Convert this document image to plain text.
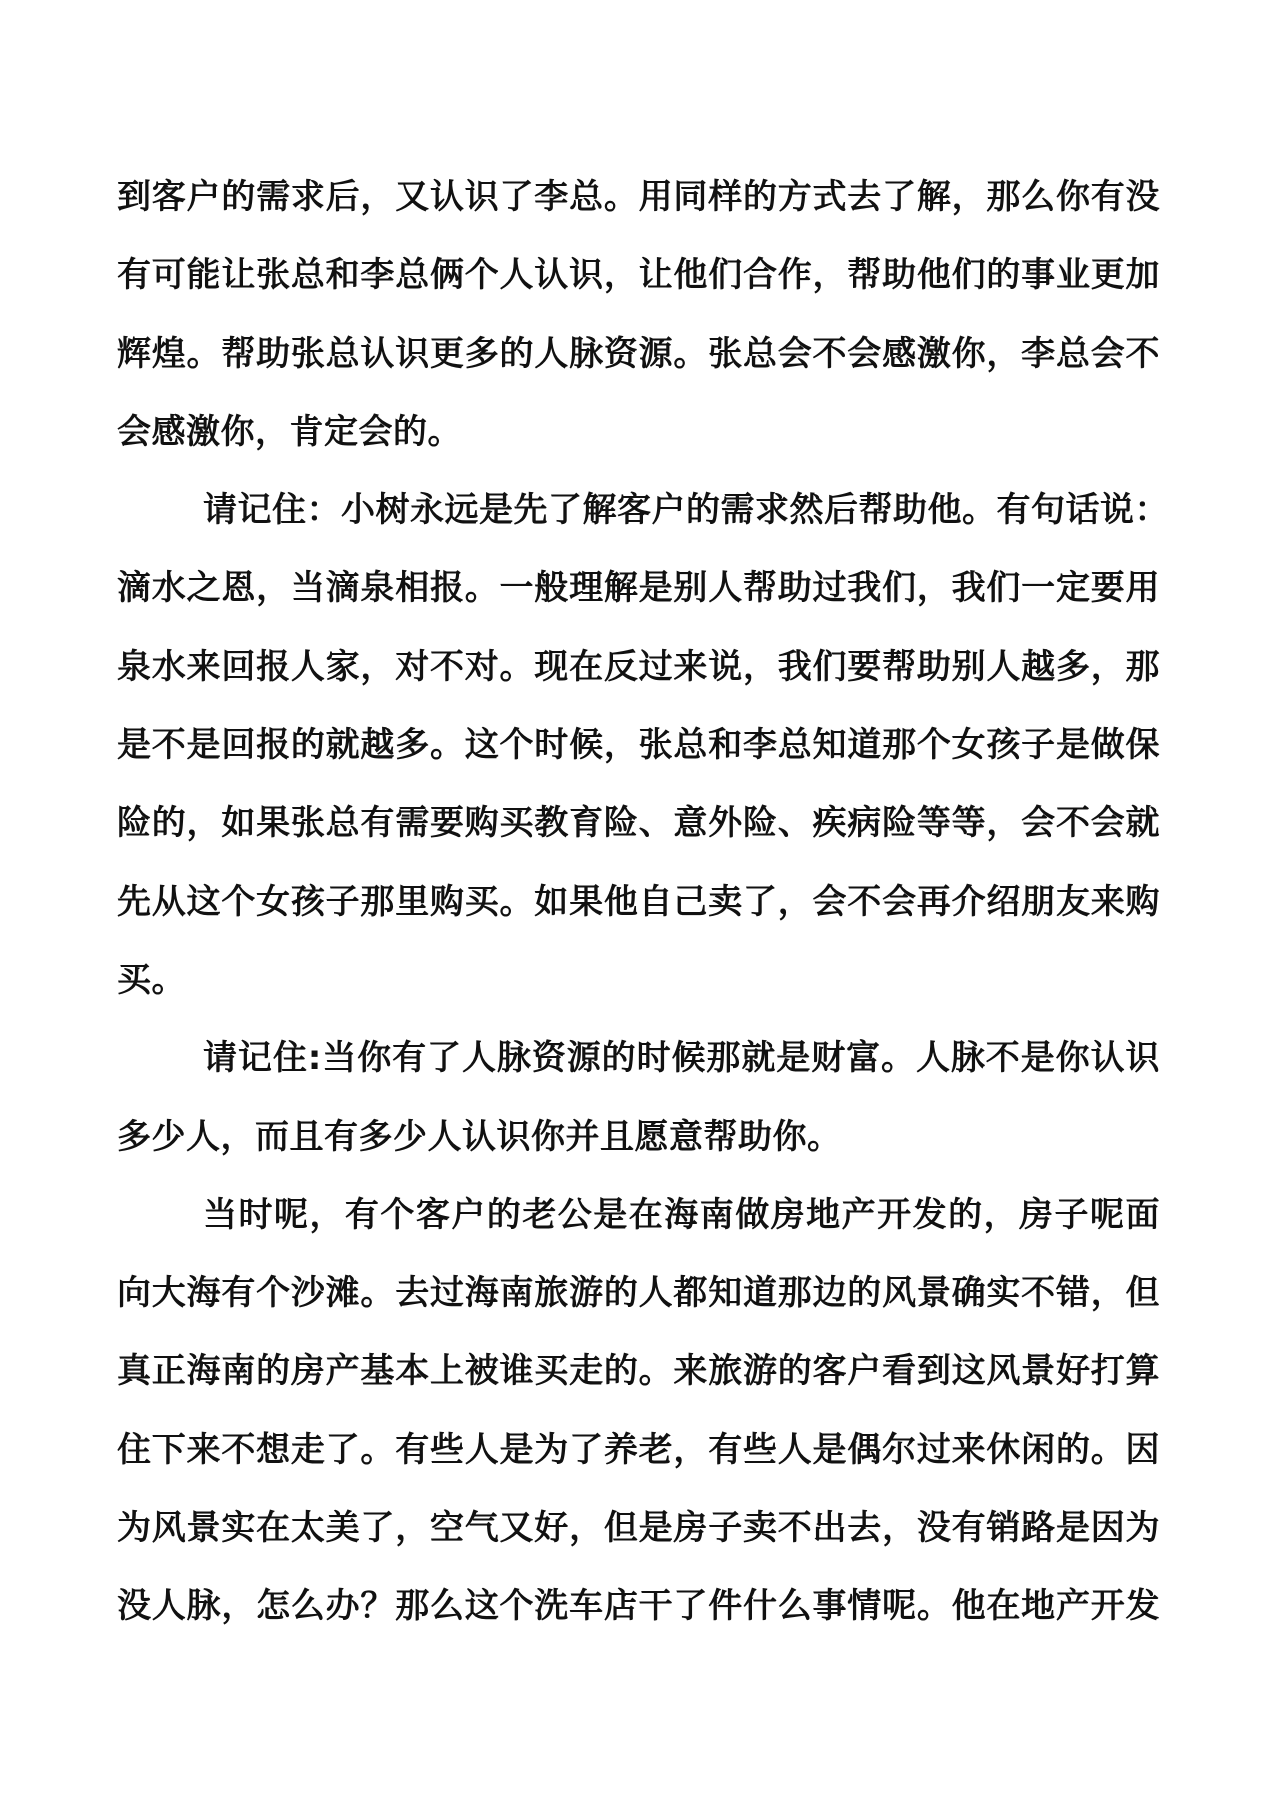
到客户的需求后，又认识了李总。用同样的方式去了解，那么你有没
有可能让张总和李总俩个人认识，让他们合作，帮助他们的事业更加
辉煌。帮助张总认识更多的人脉资源。张总会不会感激你，李总会不
会感激你，肯定会的。
请记住：小树永远是先了解客户的需求然后帮助他。有句话说：
滴水之恩，当滴泉相报。一般理解是别人帮助过我们，我们一定要用
泉水来回报人家，对不对。现在反过来说，我们要帮助别人越多，那
是不是回报的就越多。这个时候，张总和李总知道那个女孩子是做保
险的，如果张总有需要购买教育险、意外险、疾病险等等，会不会就
先从这个女孩子那里购买。如果他自己卖了，会不会再介绍朋友来购
买。
请记住:当你有了人脉资源的时候那就是财富。人脉不是你认识
多少人，而且有多少人认识你并且愿意帮助你。
当时呢，有个客户的老公是在海南做房地产开发的，房子呢面
向大海有个沙滩。去过海南旅游的人都知道那边的风景确实不错，但
真正海南的房产基本上被谁买走的。来旅游的客户看到这风景好打算
住下来不想走了。有些人是为了养老，有些人是偶尔过来休闲的。因
为风景实在太美了，空气又好，但是房子卖不出去，没有销路是因为
没人脉，怎么办？那么这个洗车店干了件什么事情呢。他在地产开发
